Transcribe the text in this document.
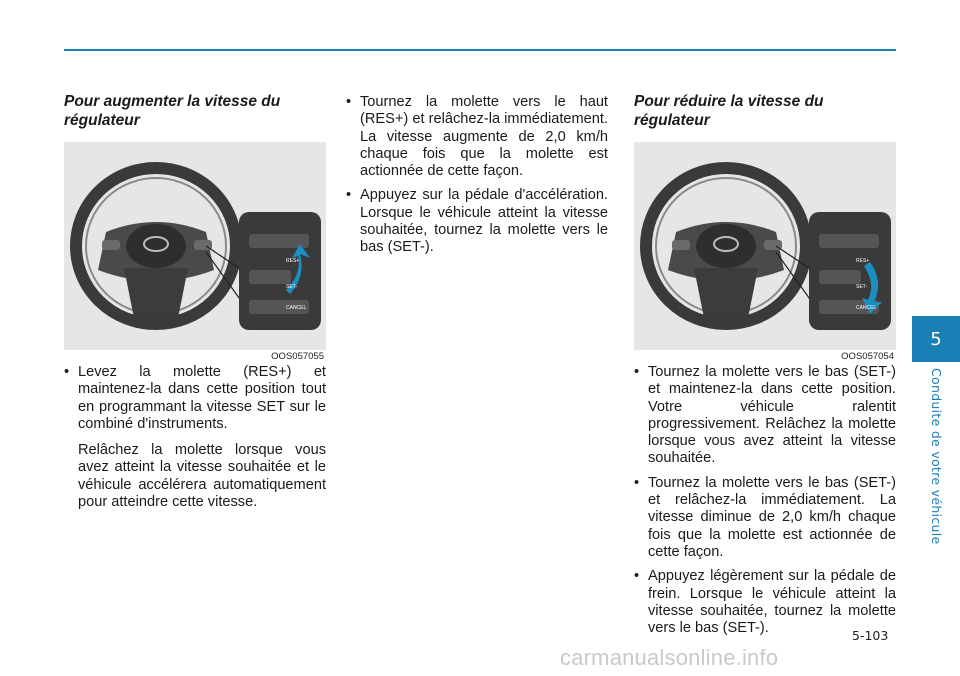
Pour augmenter la vitesse du régulateur
RES+
SET-
CANCEL
OOS057055
• Levez la molette (RES+) et maintenez-la dans cette position tout en programmant la vitesse SET sur le combiné d'instruments.

Relâchez la molette lorsque vous avez atteint la vitesse souhaitée et le véhicule accélérera automatiquement pour atteindre cette vitesse.

• Tournez la molette vers le haut (RES+) et relâchez-la immédiatement. La vitesse augmente de 2,0 km/h chaque fois que la molette est actionnée de cette façon.

• Appuyez sur la pédale d'accélération. Lorsque le véhicule atteint la vitesse souhaitée, tournez la molette vers le bas (SET-).

Pour réduire la vitesse du régulateur
RES+
SET-
CANCEL
OOS057054
• Tournez la molette vers le bas (SET-) et maintenez-la dans cette position. Votre véhicule ralentit progressivement. Relâchez la molette lorsque vous avez atteint la vitesse souhaitée.

• Tournez la molette vers le bas (SET-) et relâchez-la immédiatement. La vitesse diminue de 2,0 km/h chaque fois que la molette est actionnée de cette façon.

• Appuyez légèrement sur la pédale de frein. Lorsque le véhicule atteint la vitesse souhaitée, tournez la molette vers le bas (SET-).

5
Conduite de votre véhicule
5-103
carmanualsonline.info
